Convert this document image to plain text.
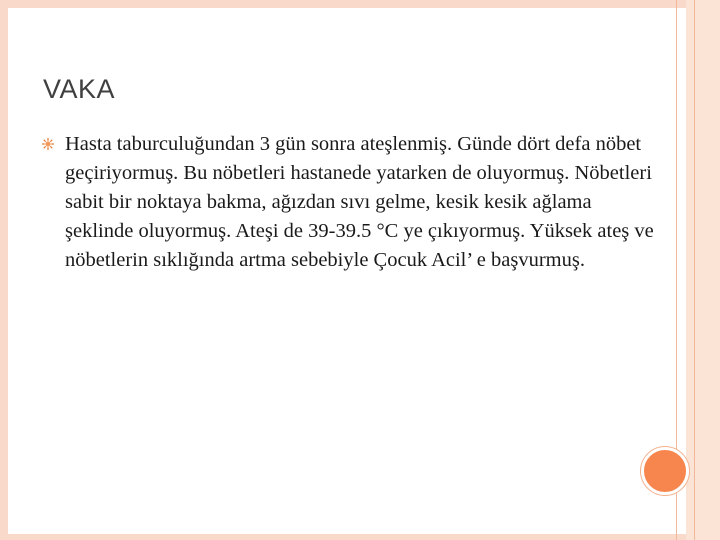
VAKA
Hasta taburculuğundan 3 gün sonra ateşlenmiş. Günde dört defa nöbet geçiriyormuş. Bu nöbetleri hastanede yatarken de oluyormuş. Nöbetleri sabit bir noktaya bakma, ağızdan sıvı gelme, kesik kesik ağlama şeklinde oluyormuş. Ateşi de 39-39.5 °C ye çıkıyormuş. Yüksek ateş ve nöbetlerin sıklığında artma sebebiyle Çocuk Acil’ e başvurmuş.
